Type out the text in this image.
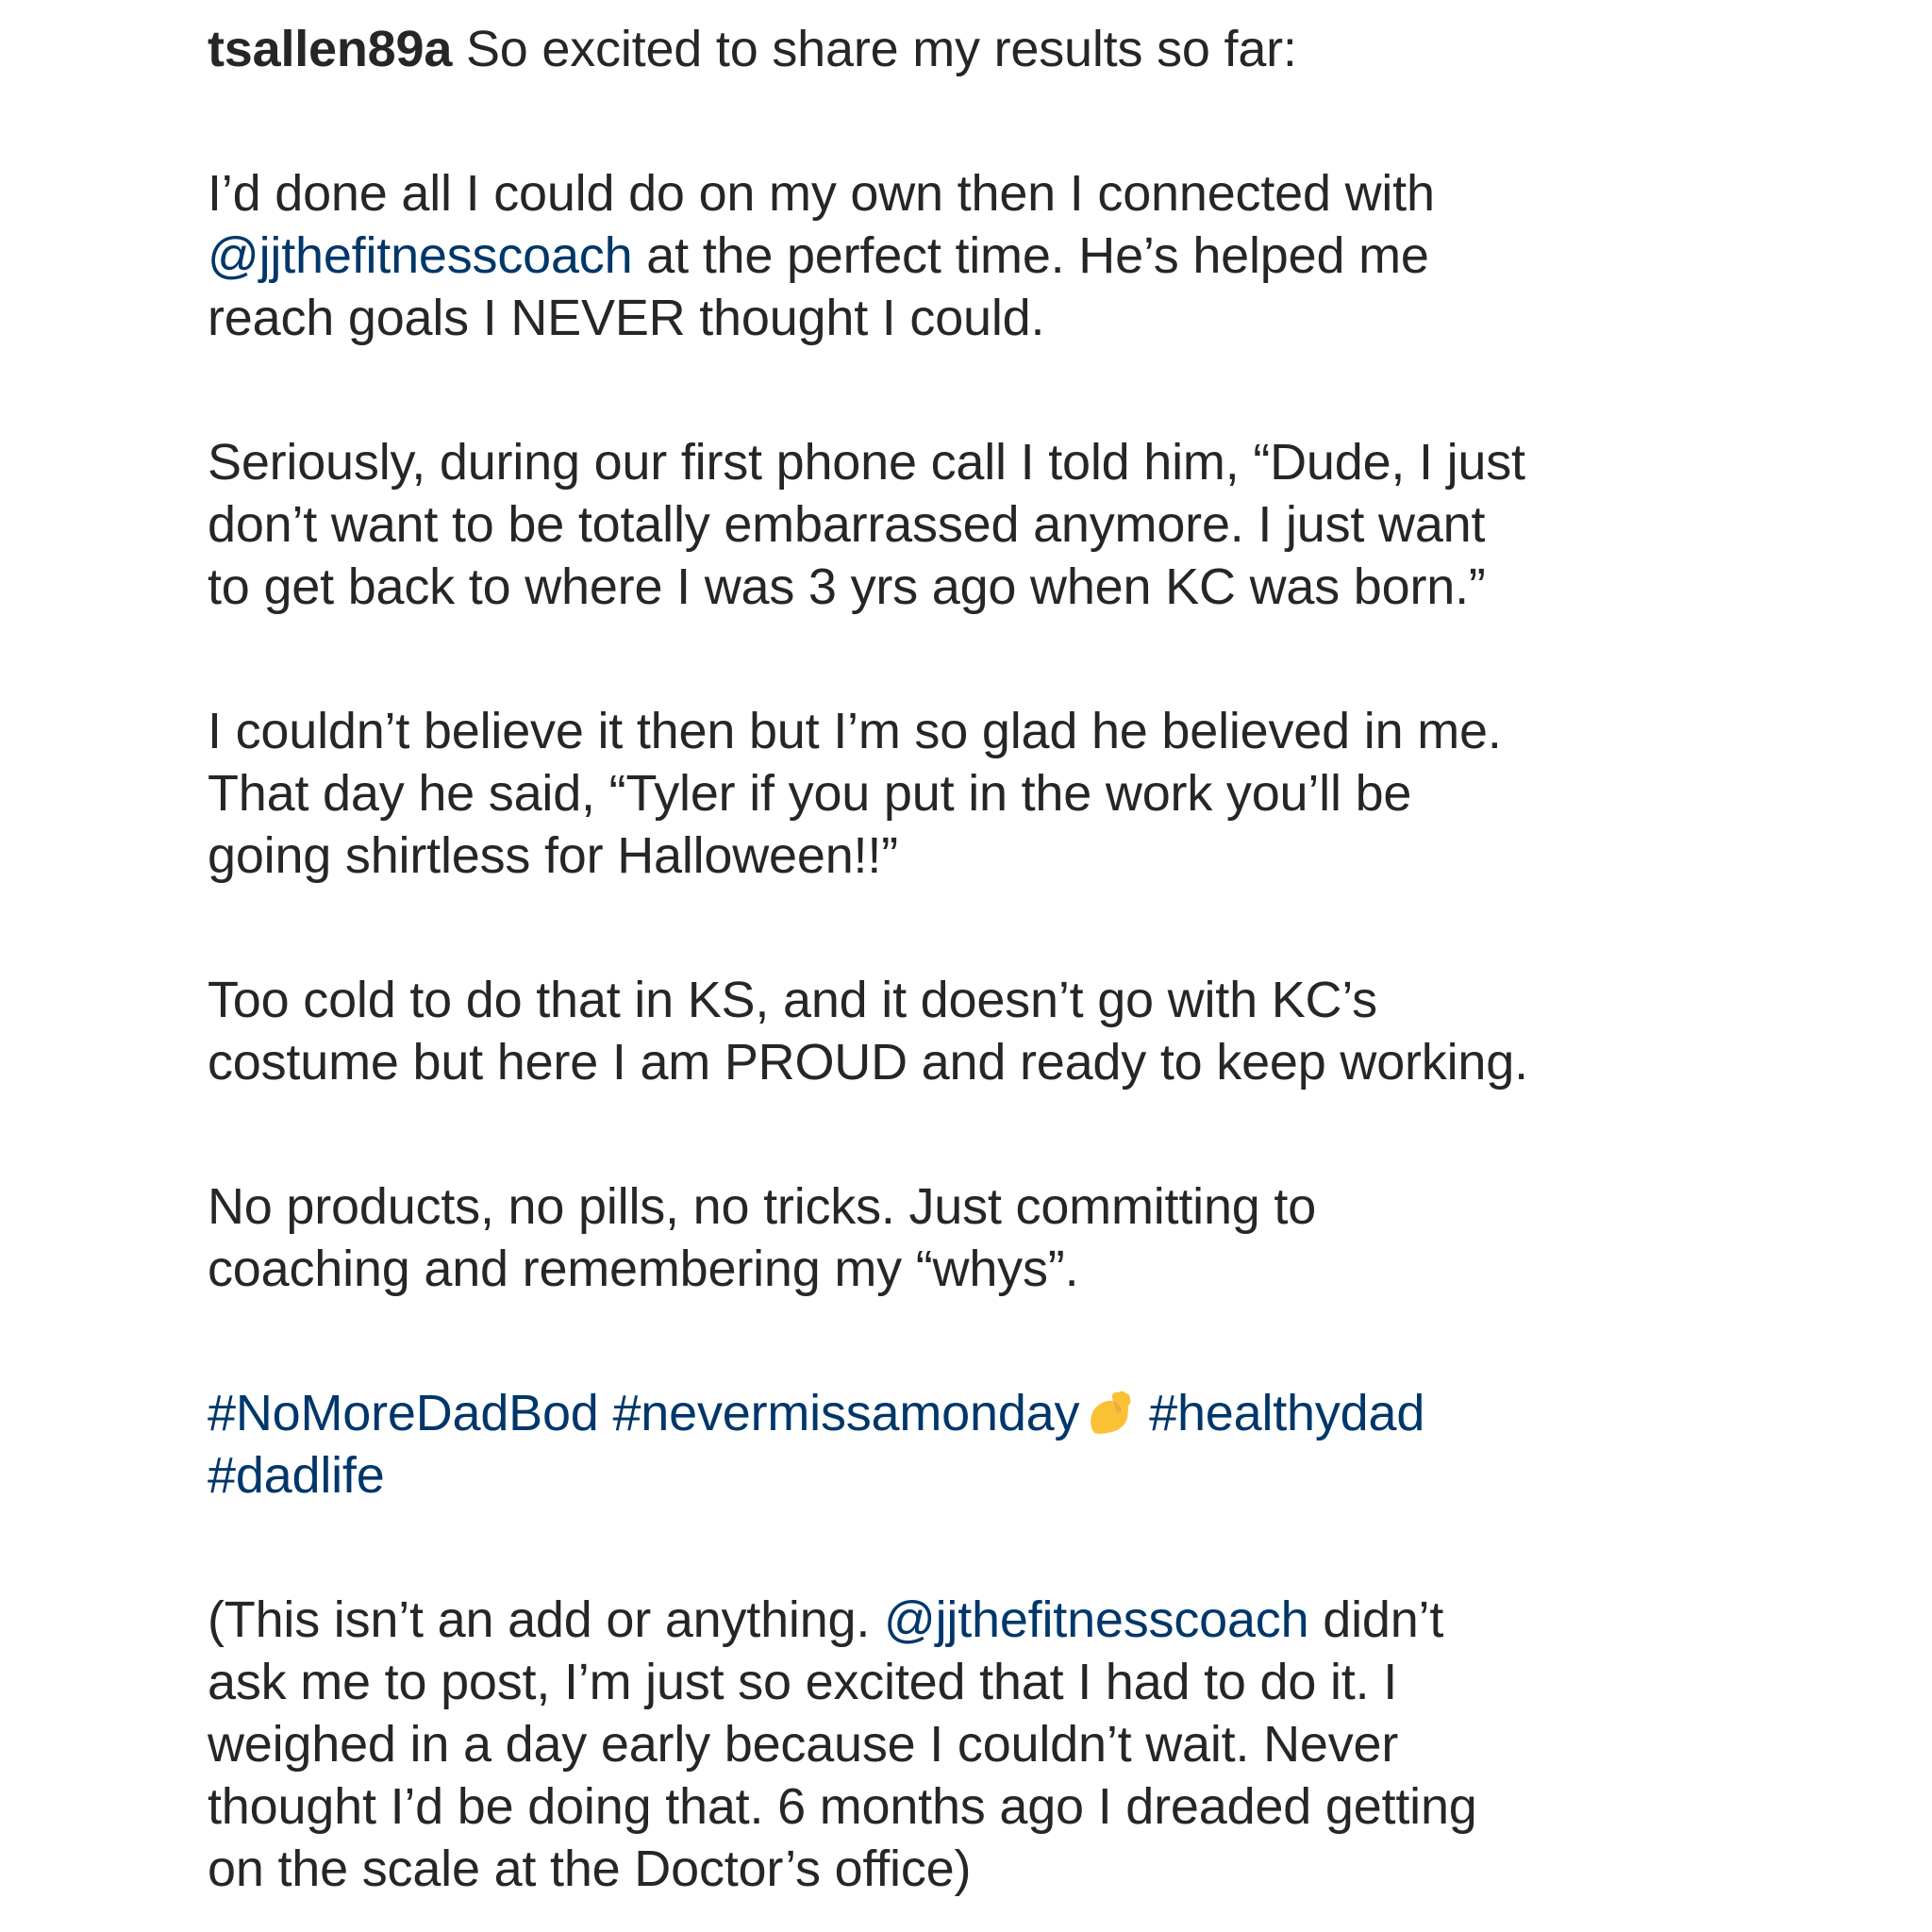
tsallen89a So excited to share my results so far:
I’d done all I could do on my own then I connected with
@jjthefitnesscoach at the perfect time. He’s helped me
reach goals I NEVER thought I could.
Seriously, during our first phone call I told him, “Dude, I just
don’t want to be totally embarrassed anymore. I just want
to get back to where I was 3 yrs ago when KC was born.”
I couldn’t believe it then but I’m so glad he believed in me.
That day he said, “Tyler if you put in the work you’ll be
going shirtless for Halloween!!”
Too cold to do that in KS, and it doesn’t go with KC’s
costume but here I am PROUD and ready to keep working.
No products, no pills, no tricks. Just committing to
coaching and remembering my “whys”.
#NoMoreDadBod #nevermissamonday #healthydad
#dadlife
(This isn’t an add or anything. @jjthefitnesscoach didn’t
ask me to post, I’m just so excited that I had to do it. I
weighed in a day early because I couldn’t wait. Never
thought I’d be doing that. 6 months ago I dreaded getting
on the scale at the Doctor’s office)
